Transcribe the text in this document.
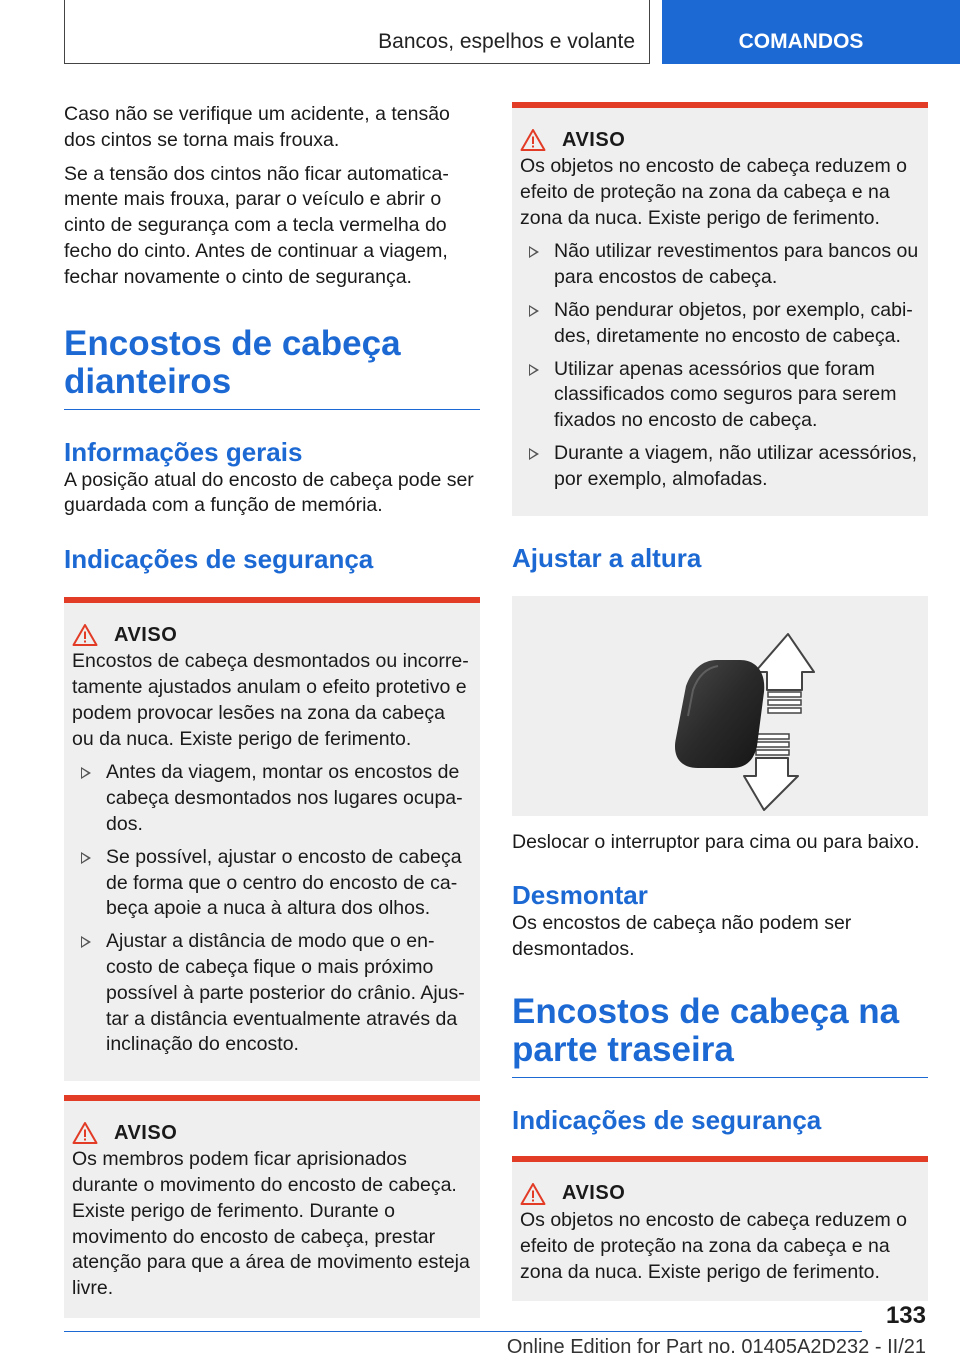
Bancos, espelhos e volante	COMANDOS

Caso não se verifique um acidente, a tensão dos cintos se torna mais frouxa.

Se a tensão dos cintos não ficar automaticamente mais frouxa, parar o veículo e abrir o cinto de segurança com a tecla vermelha do fecho do cinto. Antes de continuar a viagem, fechar novamente o cinto de segurança.

Encostos de cabeça dianteiros
Informações gerais

A posição atual do encosto de cabeça pode ser guardada com a função de memória.

Indicações de segurança
AVISO

Encostos de cabeça desmontados ou incorretamente ajustados anulam o efeito protetivo e podem provocar lesões na zona da cabeça ou da nuca. Existe perigo de ferimento.

Antes da viagem, montar os encostos de cabeça desmontados nos lugares ocupados.
Se possível, ajustar o encosto de cabeça de forma que o centro do encosto de cabeça apoie a nuca à altura dos olhos.
Ajustar a distância de modo que o encosto de cabeça fique o mais próximo possível à parte posterior do crânio. Ajustar a distância eventualmente através da inclinação do encosto.
AVISO

Os membros podem ficar aprisionados durante o movimento do encosto de cabeça. Existe perigo de ferimento. Durante o movimento do encosto de cabeça, prestar atenção para que a área de movimento esteja livre.

AVISO

Os objetos no encosto de cabeça reduzem o efeito de proteção na zona da cabeça e na zona da nuca. Existe perigo de ferimento.

Não utilizar revestimentos para bancos ou para encostos de cabeça.
Não pendurar objetos, por exemplo, cabides, diretamente no encosto de cabeça.
Utilizar apenas acessórios que foram classificados como seguros para serem fixados no encosto de cabeça.
Durante a viagem, não utilizar acessórios, por exemplo, almofadas.
Ajustar a altura

Deslocar o interruptor para cima ou para baixo.

Desmontar

Os encostos de cabeça não podem ser desmontados.

Encostos de cabeça na parte traseira
Indicações de segurança
AVISO

Os objetos no encosto de cabeça reduzem o efeito de proteção na zona da cabeça e na zona da nuca. Existe perigo de ferimento.

133
Online Edition for Part no. 01405A2D232 - II/21
